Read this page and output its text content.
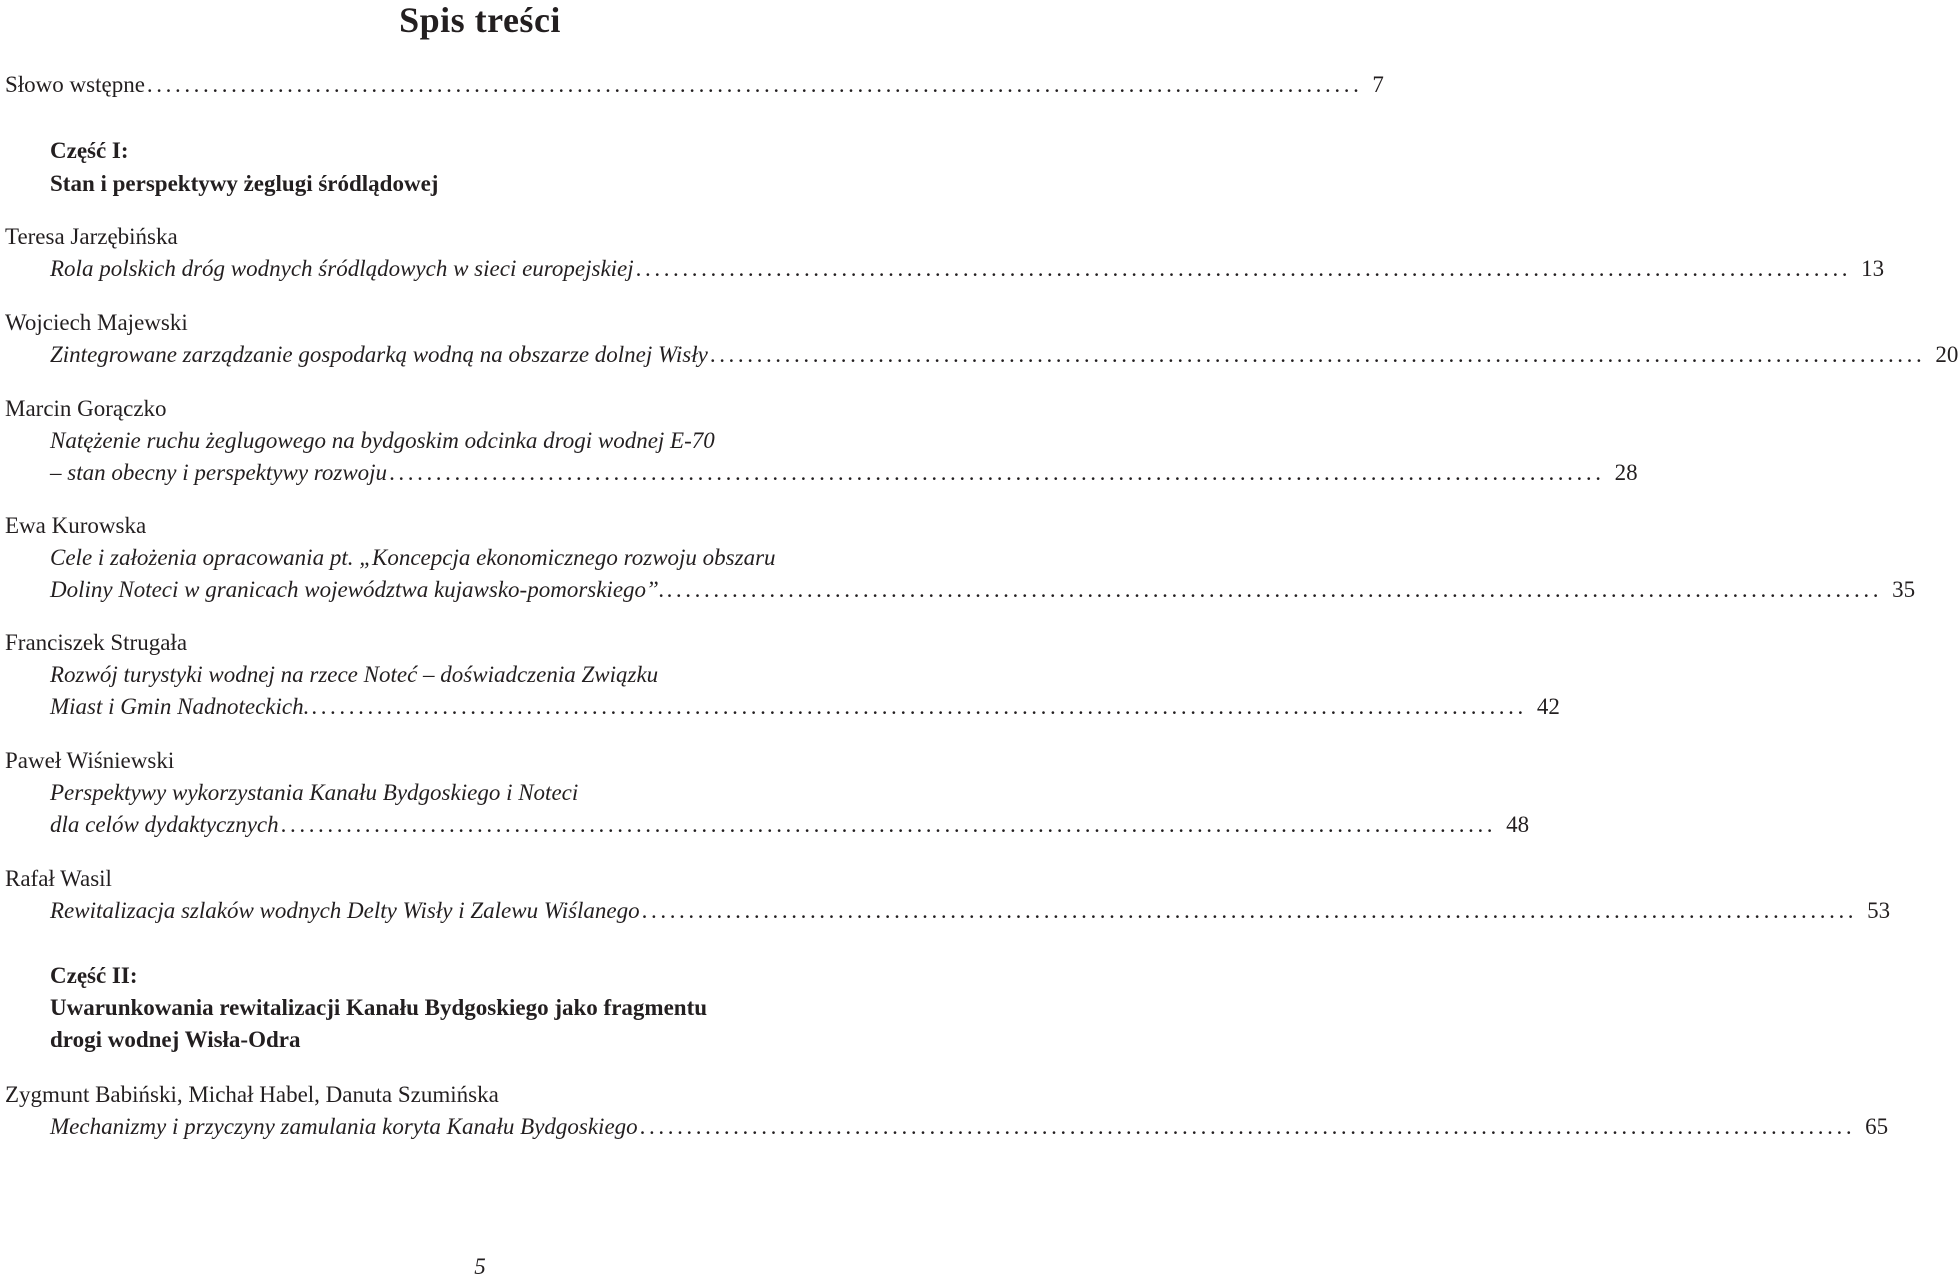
Spis treści
Słowo wstępne .................................................................................................................................. 7
Część I:
Stan i perspektywy żeglugi śródlądowej
Teresa Jarzębińska
Rola polskich dróg wodnych śródlądowych w sieci europejskiej .................................................................................................................................. 13
Wojciech Majewski
Zintegrowane zarządzanie gospodarką wodną na obszarze dolnej Wisły .................................................................................................................................. 20
Marcin Gorączko
Natężenie ruchu żeglugowego na bydgoskim odcinka drogi wodnej E-70
– stan obecny i perspektywy rozwoju .................................................................................................................................. 28
Ewa Kurowska
Cele i założenia opracowania pt. „Koncepcja ekonomicznego rozwoju obszaru
Doliny Noteci w granicach województwa kujawsko-pomorskiego”. .................................................................................................................................. 35
Franciszek Strugała
Rozwój turystyki wodnej na rzece Noteć – doświadczenia Związku
Miast i Gmin Nadnoteckich. .................................................................................................................................. 42
Paweł Wiśniewski
Perspektywy wykorzystania Kanału Bydgoskiego i Noteci
dla celów dydaktycznych .................................................................................................................................. 48
Rafał Wasil
Rewitalizacja szlaków wodnych Delty Wisły i Zalewu Wiślanego .................................................................................................................................. 53
Część II:
Uwarunkowania rewitalizacji Kanału Bydgoskiego jako fragmentu
drogi wodnej Wisła-Odra
Zygmunt Babiński, Michał Habel, Danuta Szumińska
Mechanizmy i przyczyny zamulania koryta Kanału Bydgoskiego .................................................................................................................................. 65
5
